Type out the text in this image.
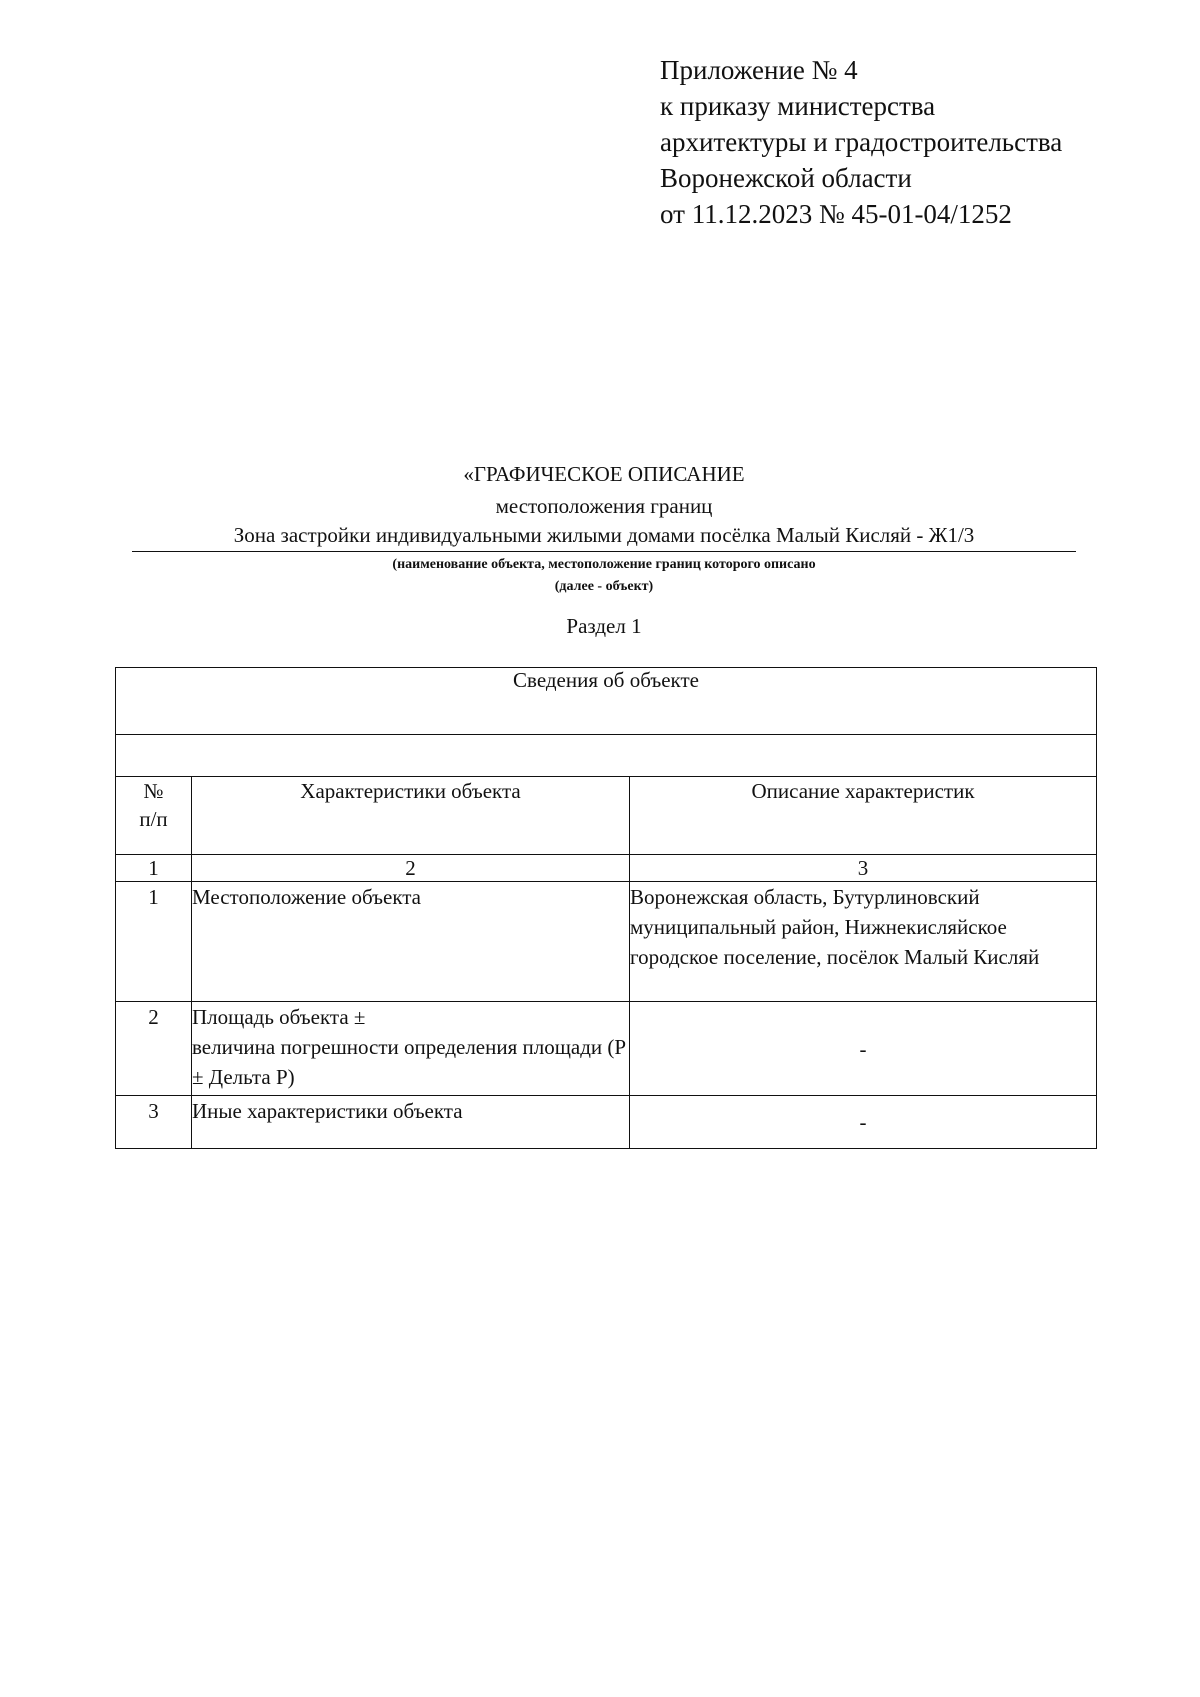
Приложение № 4
к приказу министерства
архитектуры и градостроительства
Воронежской области
от 11.12.2023 № 45-01-04/1252
«ГРАФИЧЕСКОЕ ОПИСАНИЕ
местоположения границ
Зона застройки индивидуальными жилыми домами посёлка Малый Кисляй - Ж1/3
(наименование объекта, местоположение границ которого описано
(далее - объект)
Раздел 1
Сведения об объекте		

№
п/п	Характеристики объекта	Описание характеристик
1	2	3
1	Местоположение объекта	Воронежская область, Бутурлиновский муниципальный район, Нижнекисляйское городское поселение, посёлок Малый Кисляй
2	Площадь объекта ±
величина погрешности определения площади (Р ± Дельта Р)	-
3	Иные характеристики объекта	-
